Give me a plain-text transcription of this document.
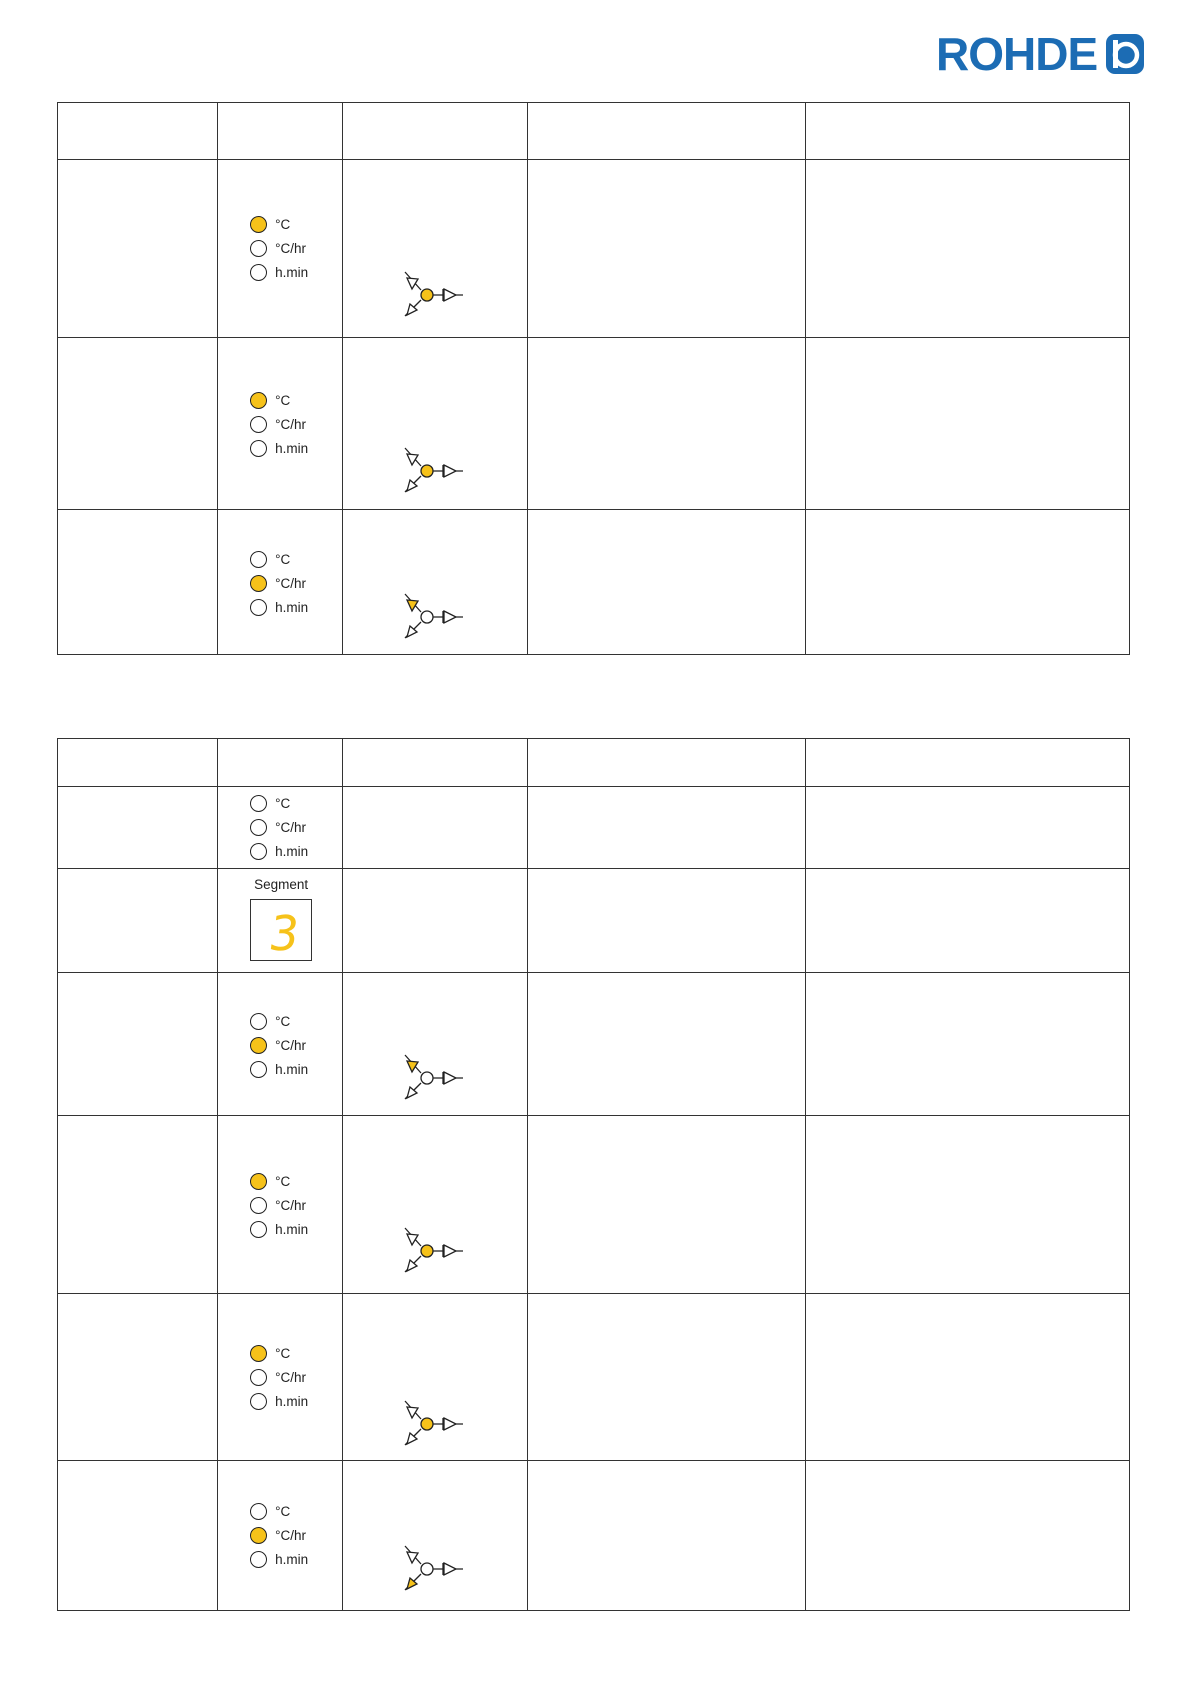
ROHDE

	°C
°C/hr
h.min

	°C
°C/hr
h.min

	°C
°C/hr
h.min

	°C
°C/hr
h.min			

	Segment
3			

	°C
°C/hr
h.min

	°C
°C/hr
h.min

	°C
°C/hr
h.min

	°C
°C/hr
h.min
